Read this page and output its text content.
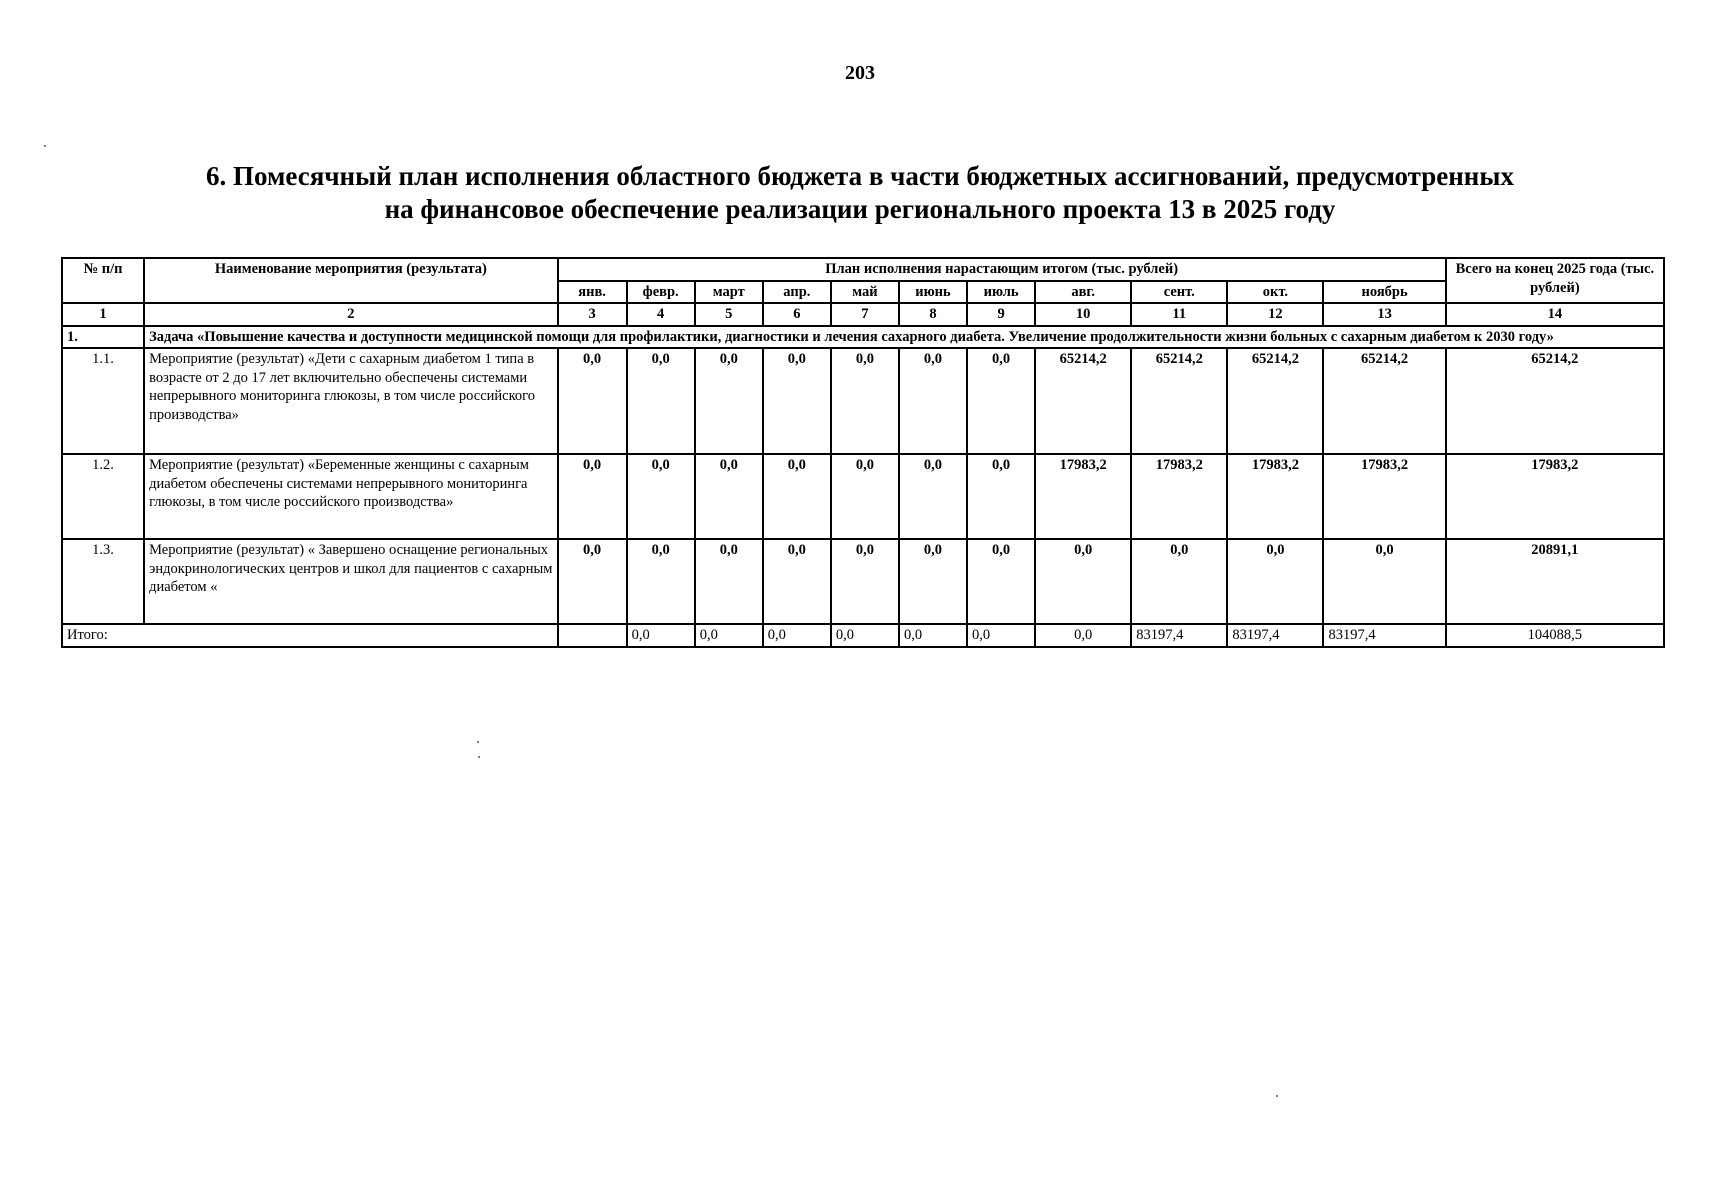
203
6. Помесячный план исполнения областного бюджета в части бюджетных ассигнований, предусмотренных
на финансовое обеспечение реализации регионального проекта 13 в 2025 году
№ п/п	Наименование мероприятия (результата)	План исполнения нарастающим итогом (тыс. рублей)											Всего на конец 2025 года (тыс. рублей)
		янв.	февр.	март	апр.	май	июнь	июль	авг.	сент.	окт.	ноябрь	
1	2	3	4	5	6	7	8	9	10	11	12	13	14
1.	Задача «Повышение качества и доступности медицинской помощи для профилактики, диагностики и лечения сахарного диабета. Увеличение продолжительности жизни больных с сахарным диабетом к 2030 году»												
1.1.	Мероприятие (результат) «Дети с сахарным диабетом 1 типа в возрасте от 2 до 17 лет включительно обеспечены системами непрерывного мониторинга глюкозы, в том числе российского производства»	0,0	0,0	0,0	0,0	0,0	0,0	0,0	65214,2	65214,2	65214,2	65214,2	65214,2
1.2.	Мероприятие (результат) «Беременные женщины с сахарным диабетом обеспечены системами непрерывного мониторинга глюкозы, в том числе российского производства»	0,0	0,0	0,0	0,0	0,0	0,0	0,0	17983,2	17983,2	17983,2	17983,2	17983,2
1.3.	Мероприятие (результат) « Завершено оснащение региональных эндокринологических центров и школ для пациентов с сахарным диабетом «	0,0	0,0	0,0	0,0	0,0	0,0	0,0	0,0	0,0	0,0	0,0	20891,1
Итого:			0,0	0,0	0,0	0,0	0,0	0,0	0,0	83197,4	83197,4	83197,4	104088,5
